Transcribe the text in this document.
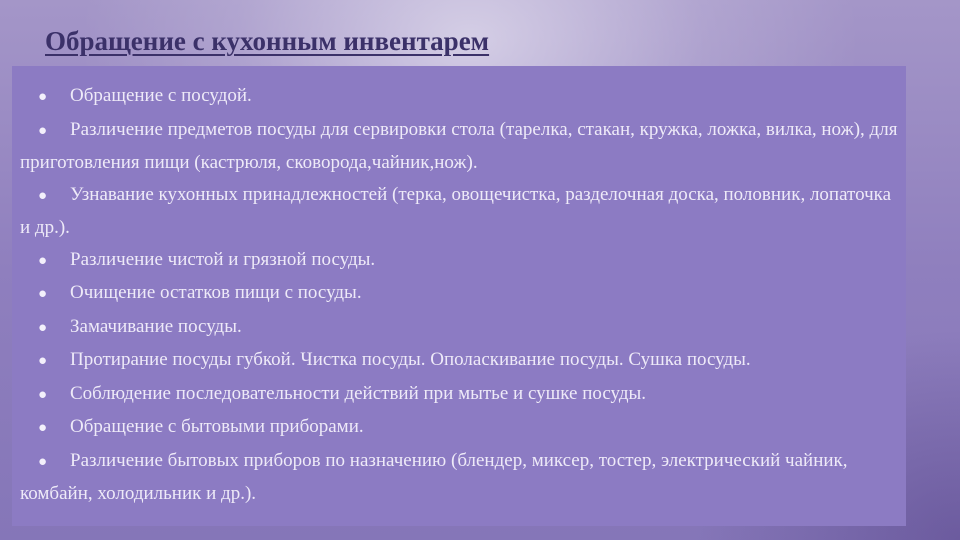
Обращение с кухонным инвентарем
● Обращение с посудой.
● Различение предметов посуды для сервировки стола (тарелка, стакан, кружка, ложка, вилка, нож), для приготовления пищи (кастрюля, сковорода,чайник,нож).
● Узнавание кухонных принадлежностей (терка, овощечистка, разделочная доска, половник, лопаточка и др.).
● Различение чистой и грязной посуды.
● Очищение остатков пищи с посуды.
● Замачивание посуды.
● Протирание посуды губкой. Чистка посуды. Ополаскивание посуды. Сушка посуды.
● Соблюдение последовательности действий при мытье и сушке посуды.
● Обращение с бытовыми приборами.
● Различение бытовых приборов по назначению (блендер, миксер, тостер, электрический чайник, комбайн, холодильник и др.).
